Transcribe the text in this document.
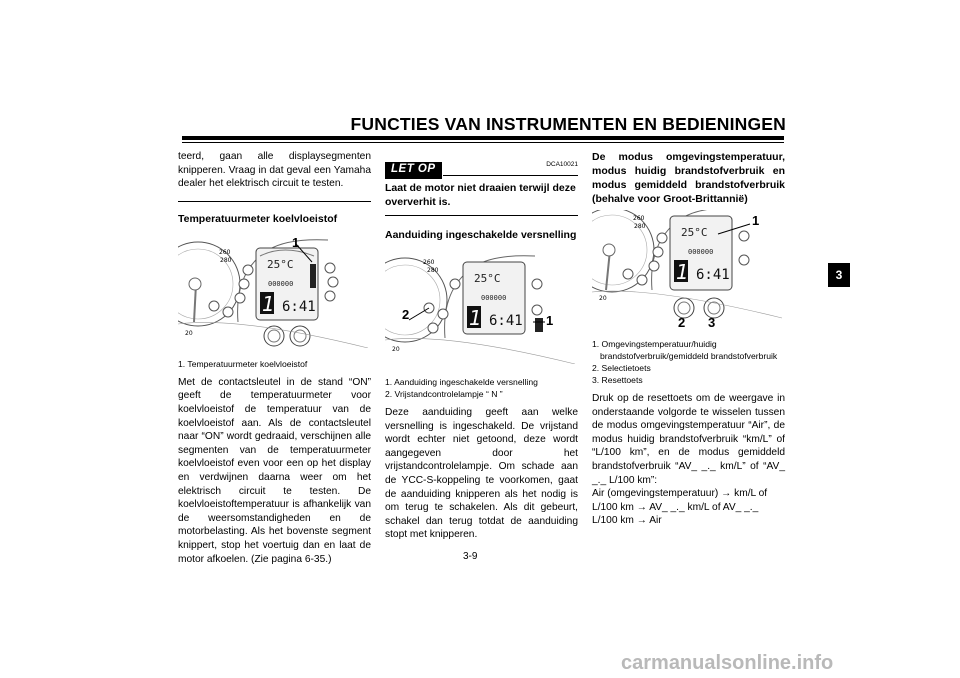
FUNCTIES VAN INSTRUMENTEN EN BEDIENINGEN
3

teerd, gaan alle displaysegmenten knipperen. Vraag in dat geval een Yamaha dealer het elektrisch circuit te testen.

Temperatuurmeter koelvloeistof

260
280
20
25°C
000000
1 6:41
1

1. Temperatuurmeter koelvloeistof

Met de contactsleutel in de stand “ON” geeft de temperatuurmeter voor koelvloeistof de temperatuur van de koelvloeistof aan. Als de contactsleutel naar “ON” wordt gedraaid, verschijnen alle segmenten van de temperatuurmeter koelvloeistof even voor een op het display en verdwijnen daarna weer om het elektrisch circuit te testen. De koelvloeistoftemperatuur is afhankelijk van de weersomstandigheden en de motorbelasting. Als het bovenste segment knippert, stop het voertuig dan en laat de motor afkoelen. (Zie pagina 6-35.)

DCA10021
LET OP

Laat de motor niet draaien terwijl deze oververhit is.

Aanduiding ingeschakelde versnelling

260
280
20
25°C
000000
1 6:41
2	1

1. Aanduiding ingeschakelde versnelling

2. Vrijstandcontrolelampje “ N ”

Deze aanduiding geeft aan welke versnelling is ingeschakeld. De vrijstand wordt echter niet getoond, deze wordt aangegeven door het vrijstandcontrolelampje. Om schade aan de YCC-S-koppeling te voorkomen, gaat de aanduiding knipperen als het nodig is om terug te schakelen. Als dit gebeurt, schakel dan terug totdat de aanduiding stopt met knipperen.

De modus omgevingstemperatuur, modus huidig brandstofverbruik en modus gemiddeld brandstofverbruik (behalve voor Groot-Brittannië)

260
280
20
25°C
000000
1 6:41
1
2 3

1. Omgevingstemperatuur/huidig brandstofverbruik/gemiddeld brandstofverbruik

2. Selectietoets

3. Resettoets

Druk op de resettoets om de weergave in onderstaande volgorde te wisselen tussen de modus omgevingstemperatuur “Air”, de modus huidig brandstofverbruik “km/L” of “L/100 km”, en de modus gemiddeld brandstofverbruik “AV_ _._ km/L” of “AV_ _._ L/100 km”:

Air (omgevingstemperatuur) → km/L of L/100 km → AV_ _._ km/L of AV_ _._ L/100 km → Air

3-9
carmanualsonline.info
